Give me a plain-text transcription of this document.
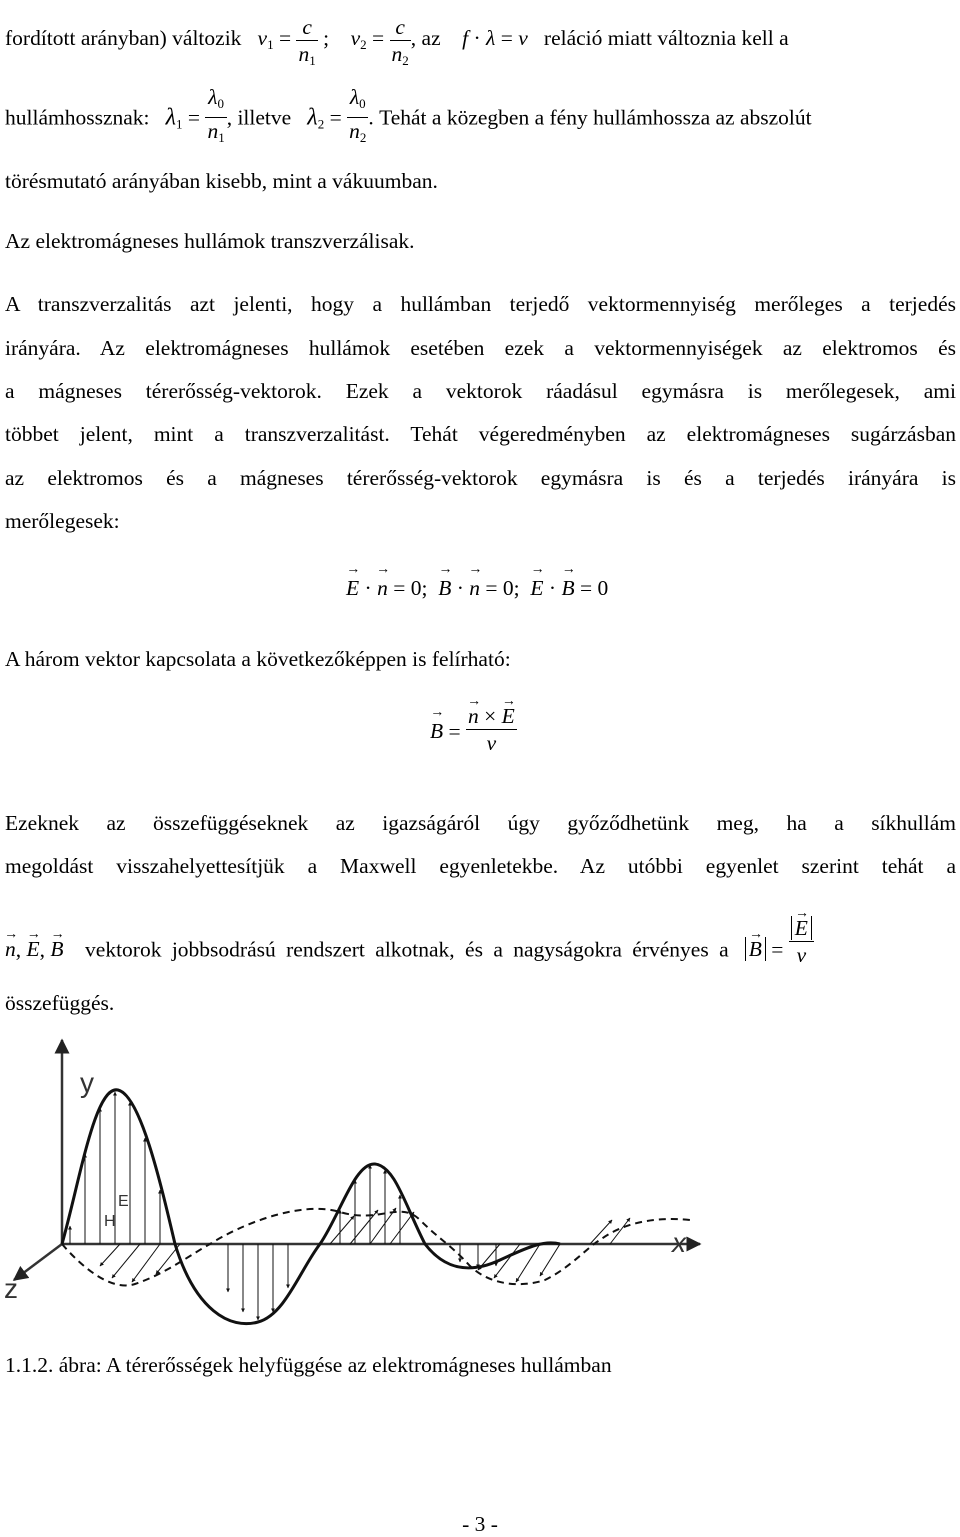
fordított arányban) változik $v_1 = \frac{c}{n_1}$ ;    $v_2 = \frac{c}{n_2}$ , az f · λ = v reláció miatt változnia kell a
hullámhossznak: $\lambda_1 = \frac{\lambda_0}{n_1}$ , illetve $\lambda_2 = \frac{\lambda_0}{n_2}$ . Tehát a közegben a fény hullámhossza az abszolút
törésmutató arányában kisebb, mint a vákuumban.
Az elektromágneses hullámok transzverzálisak.
A transzverzalitás azt jelenti, hogy a hullámban terjedő vektormennyiség merőleges a terjedés
irányára. Az elektromágneses hullámok esetében ezek a vektormennyiségek az elektromos és
a mágneses térerősség-vektorok. Ezek a vektorok ráadásul egymásra is merőlegesek, ami
többet jelent, mint a transzverzalitást. Tehát végeredményben az elektromágneses sugárzásban
az elektromos és a mágneses térerősség-vektorok egymásra is és a terjedés irányára is
merőlegesek:
→ E · → n = 0; → B · → n = 0; → E · → B = 0
A három vektor kapcsolata a következőképpen is felírható:
→ B = → $\frac{n \times \to E}{v}$
Ezeknek az összefüggéseknek az igazságáról úgy győződhetünk meg, ha a síkhullám
megoldást visszahelyettesítjük a Maxwell egyenletekbe. Az utóbbi egyenlet szerint tehát a
→ n, → E, → B vektorok jobbsodrású rendszert alkotnak, és a nagyságokra érvényes a → B = → $\frac{E}{v}$
összefüggés.
y
x
z
E
H
1.1.2. ábra: A térerősségek helyfüggése az elektromágneses hullámban
- 3 -
